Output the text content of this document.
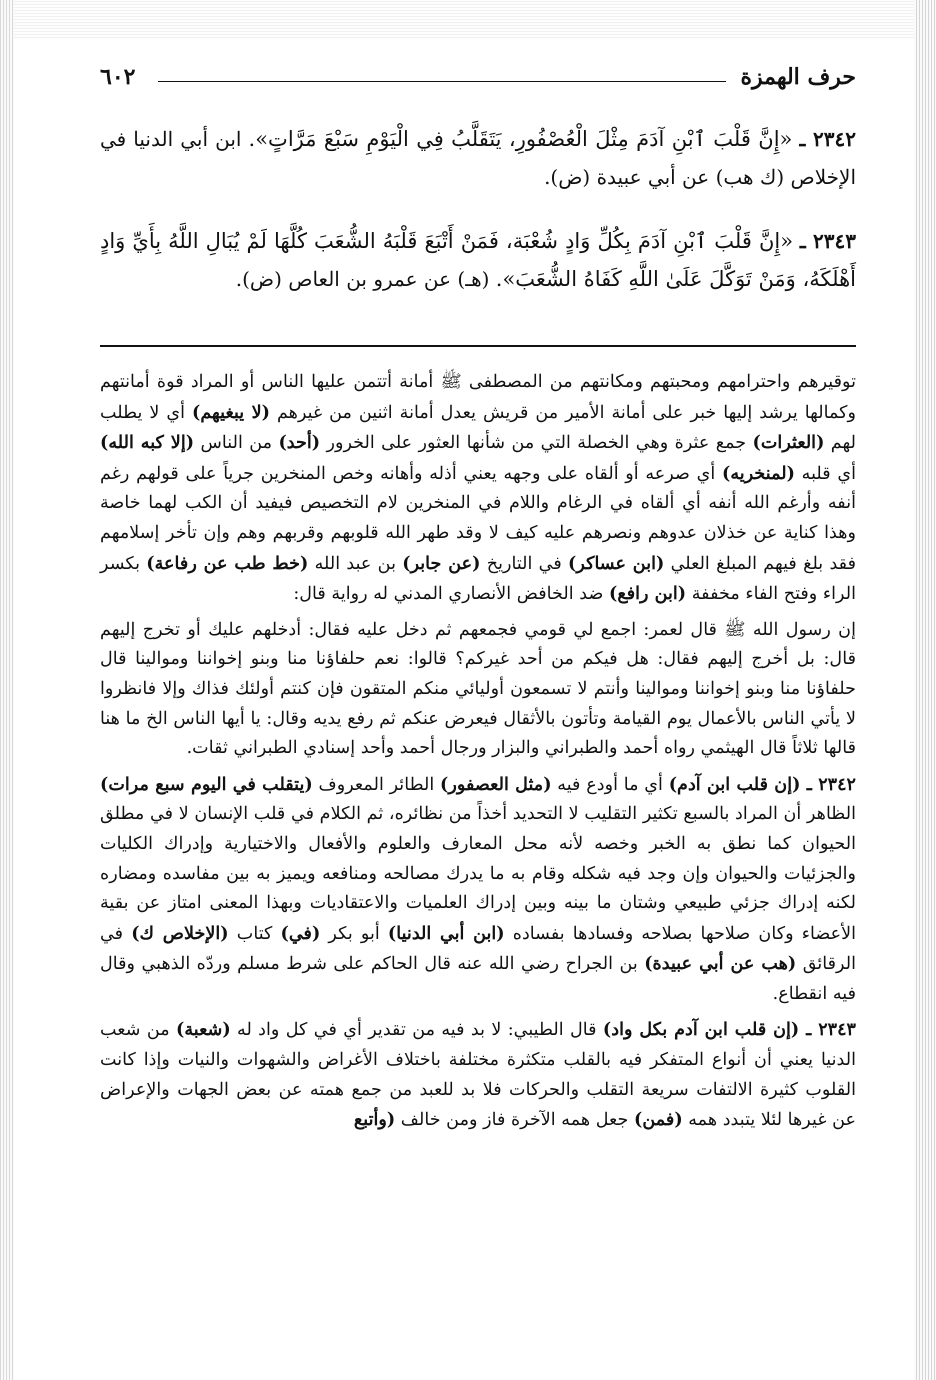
٦٠٢	حرف الهمزة
٢٣٤٢ ـ «إِنَّ قَلْبَ ٱبْنِ آدَمَ مِثْلَ الْعُصْفُورِ، يَتَقَلَّبُ فِي الْيَوْمِ سَبْعَ مَرَّاتٍ». ابن أبي الدنيا في الإخلاص (ك هب) عن أبي عبيدة (ض).
٢٣٤٣ ـ «إِنَّ قَلْبَ ٱبْنِ آدَمَ بِكُلِّ وَادٍ شُعْبَة، فَمَنْ أَتْبَعَ قَلْبَهُ الشُّعَبَ كُلَّهَا لَمْ يُبَالِ اللَّهُ بِأَيِّ وَادٍ أَهْلَكَهُ، وَمَنْ تَوَكَّلَ عَلَىٰ اللَّهِ كَفَاهُ الشُّعَبَ». (هـ) عن عمرو بن العاص (ض).

توقيرهم واحترامهم ومحبتهم ومكانتهم من المصطفى ﷺ أمانة أتتمن عليها الناس أو المراد قوة أمانتهم وكمالها يرشد إليها خبر على أمانة الأمير من قريش يعدل أمانة اثنين من غيرهم (لا يبغيهم) أي لا يطلب لهم (العثرات) جمع عثرة وهي الخصلة التي من شأنها العثور على الخرور (أحد) من الناس (إلا كبه الله) أي قلبه (لمنخريه) أي صرعه أو ألقاه على وجهه يعني أذله وأهانه وخص المنخرين جرياً على قولهم رغم أنفه وأرغم الله أنفه أي ألقاه في الرغام واللام في المنخرين لام التخصيص فيفيد أن الكب لهما خاصة وهذا كناية عن خذلان عدوهم ونصرهم عليه كيف لا وقد طهر الله قلوبهم وقربهم وهم وإن تأخر إسلامهم فقد بلغ فيهم المبلغ العلي (ابن عساكر) في التاريخ (عن جابر) بن عبد الله (خط طب عن رفاعة) بكسر الراء وفتح الفاء مخففة (ابن رافع) ضد الخافض الأنصاري المدني له رواية قال:

إن رسول الله ﷺ قال لعمر: اجمع لي قومي فجمعهم ثم دخل عليه فقال: أدخلهم عليك أو تخرج إليهم قال: بل أخرج إليهم فقال: هل فيكم من أحد غيركم؟ قالوا: نعم حلفاؤنا منا وبنو إخواننا وموالينا قال حلفاؤنا منا وبنو إخواننا وموالينا وأنتم لا تسمعون أوليائي منكم المتقون فإن كنتم أولئك فذاك وإلا فانظروا لا يأتي الناس بالأعمال يوم القيامة وتأتون بالأثقال فيعرض عنكم ثم رفع يديه وقال: يا أيها الناس الخ ما هنا قالها ثلاثاً قال الهيثمي رواه أحمد والطبراني والبزار ورجال أحمد وأحد إسنادي الطبراني ثقات.

٢٣٤٢ ـ (إن قلب ابن آدم) أي ما أودع فيه (مثل العصفور) الطائر المعروف (يتقلب في اليوم سبع مرات) الظاهر أن المراد بالسبع تكثير التقليب لا التحديد أخذاً من نظائره، ثم الكلام في قلب الإنسان لا في مطلق الحيوان كما نطق به الخبر وخصه لأنه محل المعارف والعلوم والأفعال والاختيارية وإدراك الكليات والجزئيات والحيوان وإن وجد فيه شكله وقام به ما يدرك مصالحه ومنافعه ويميز به بين مفاسده ومضاره لكنه إدراك جزئي طبيعي وشتان ما بينه وبين إدراك العلميات والاعتقاديات وبهذا المعنى امتاز عن بقية الأعضاء وكان صلاحها بصلاحه وفسادها بفساده (ابن أبي الدنيا) أبو بكر (في) كتاب (الإخلاص ك) في الرقائق (هب عن أبي عبيدة) بن الجراح رضي الله عنه قال الحاكم على شرط مسلم وردّه الذهبي وقال فيه انقطاع.

٢٣٤٣ ـ (إن قلب ابن آدم بكل واد) قال الطيبي: لا بد فيه من تقدير أي في كل واد له (شعبة) من شعب الدنيا يعني أن أنواع المتفكر فيه بالقلب متكثرة مختلفة باختلاف الأغراض والشهوات والنيات وإذا كانت القلوب كثيرة الالتفات سريعة التقلب والحركات فلا بد للعبد من جمع همته عن بعض الجهات والإعراض عن غيرها لئلا يتبدد همه (فمن) جعل همه الآخرة فاز ومن خالف (وأتبع
